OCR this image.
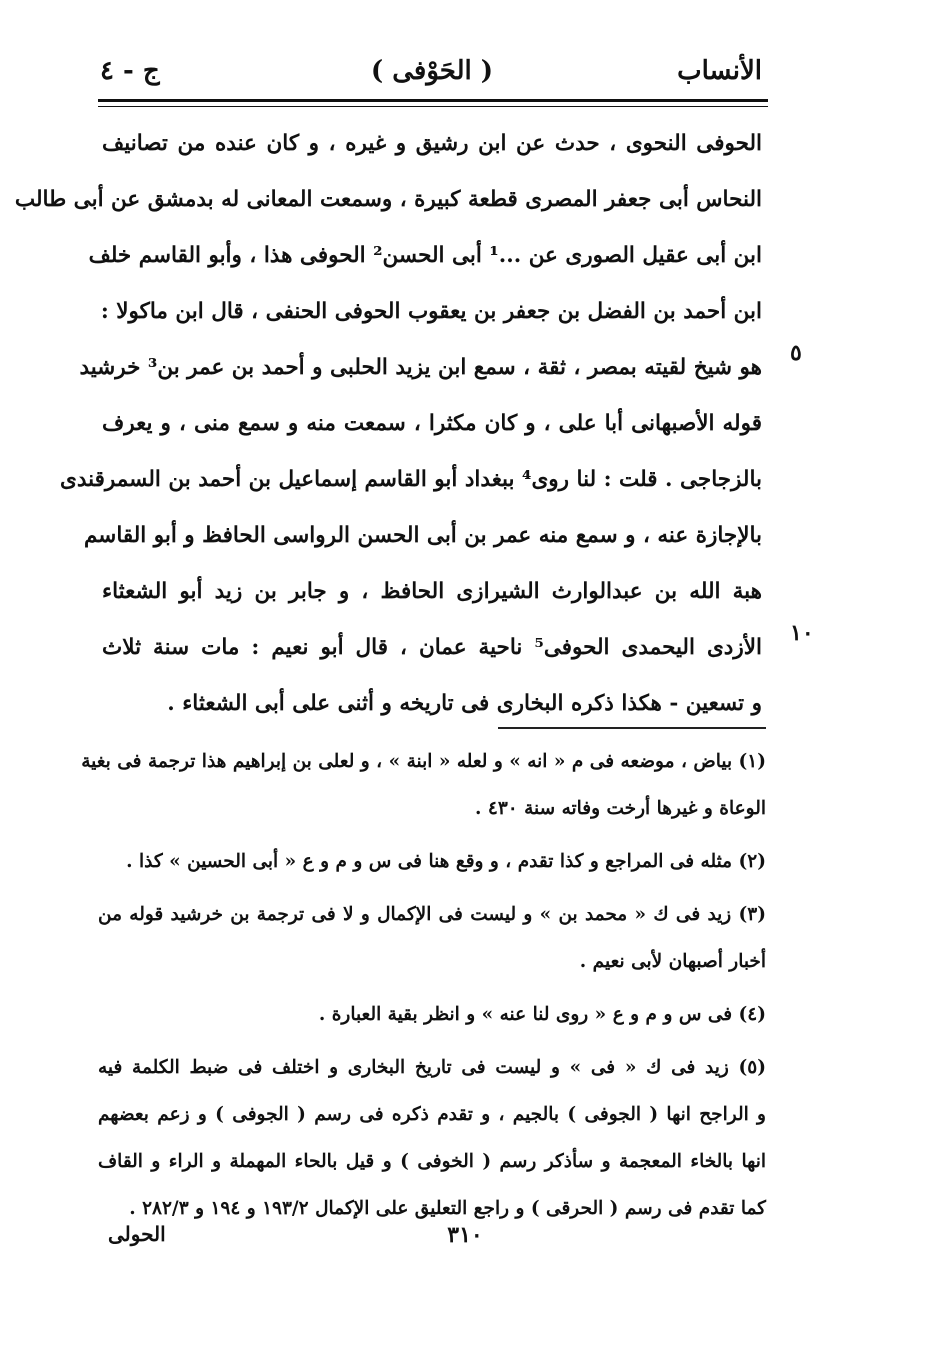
الأنساب
( الحَوْفى )
ج - ٤
الحوفى النحوى ، حدث عن ابن رشيق و غيره ، و كان عنده من تصانيف
النحاس أبى جعفر المصرى قطعة كبيرة ، وسمعت المعانى له بدمشق عن أبى طالب
ابن أبى عقيل الصورى عن ...¹ أبى الحسن² الحوفى هذا ، وأبو القاسم خلف
ابن أحمد بن الفضل بن جعفر بن يعقوب الحوفى الحنفى ، قال ابن ماكولا :
هو شيخ لقيته بمصر ، ثقة ، سمع ابن يزيد الحلبى و أحمد بن عمر بن³ خرشيد
قوله الأصبهانى أبا على ، و كان مكثرا ، سمعت منه و سمع منى ، و يعرف
بالزجاجى . قلت : لنا روى⁴ ببغداد أبو القاسم إسماعيل بن أحمد بن السمرقندى
بالإجازة عنه ، و سمع منه عمر بن أبى الحسن الرواسى الحافظ و أبو القاسم
هبة الله بن عبدالوارث الشيرازى الحافظ ، و جابر بن زيد أبو الشعثاء
الأزدى اليحمدى الحوفى⁵ ناحية عمان ، قال أبو نعيم : مات سنة ثلاث
و تسعين - هكذا ذكره البخارى فى تاريخه و أثنى على أبى الشعثاء .
٥
١٠
(١) بياض ، موضعه فى م « انه » و لعله « ابنة » ، و لعلى بن إبراهيم هذا ترجمة فى بغية
الوعاة و غيرها أرخت وفاته سنة ٤٣٠ .
(٢) مثله فى المراجع و كذا تقدم ، و وقع هنا فى س و م و ع « أبى الحسين » كذا .
(٣) زيد فى ك « محمد بن » و ليست فى الإكمال و لا فى ترجمة بن خرشيد قوله من
أخبار أصبهان لأبى نعيم .
(٤) فى س و م و ع « روى لنا عنه » و انظر بقية العبارة .
(٥) زيد فى ك « فى » و ليست فى تاريخ البخارى و اختلف فى ضبط الكلمة فيه
و الراجح انها ( الجوفى ) بالجيم ، و تقدم ذكره فى رسم ( الجوفى ) و زعم بعضهم
انها بالخاء المعجمة و سأذكر رسم ( الخوفى ) و قيل بالحاء المهملة و الراء و القاف
كما تقدم فى رسم ( الحرقى ) و راجع التعليق على الإكمال ١٩٣/٢ و ١٩٤ و ٢٨٢/٣ .
٣١٠
الحولى
